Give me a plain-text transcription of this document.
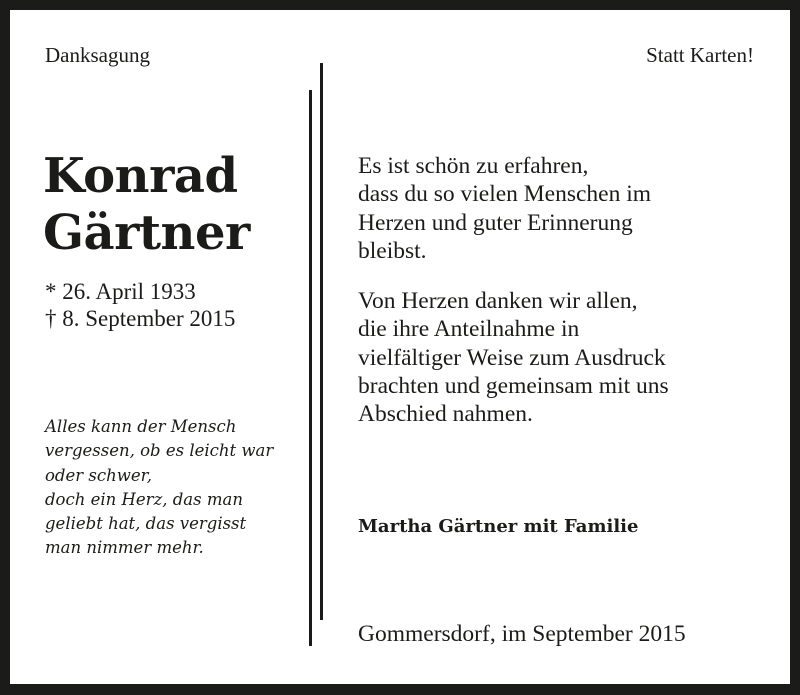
Danksagung	Statt Karten!

Konrad
Gärtner
* 26. April 1933
† 8. September 2015
Alles kann der Mensch
vergessen, ob es leicht war
oder schwer,
doch ein Herz, das man
geliebt hat, das vergisst
man nimmer mehr.
Es ist schön zu erfahren,
dass du so vielen Menschen im
Herzen und guter Erinnerung
bleibst.
Von Herzen danken wir allen,
die ihre Anteilnahme in
vielfältiger Weise zum Ausdruck
brachten und gemeinsam mit uns
Abschied nahmen.

Martha Gärtner mit Familie

Gommersdorf, im September 2015
